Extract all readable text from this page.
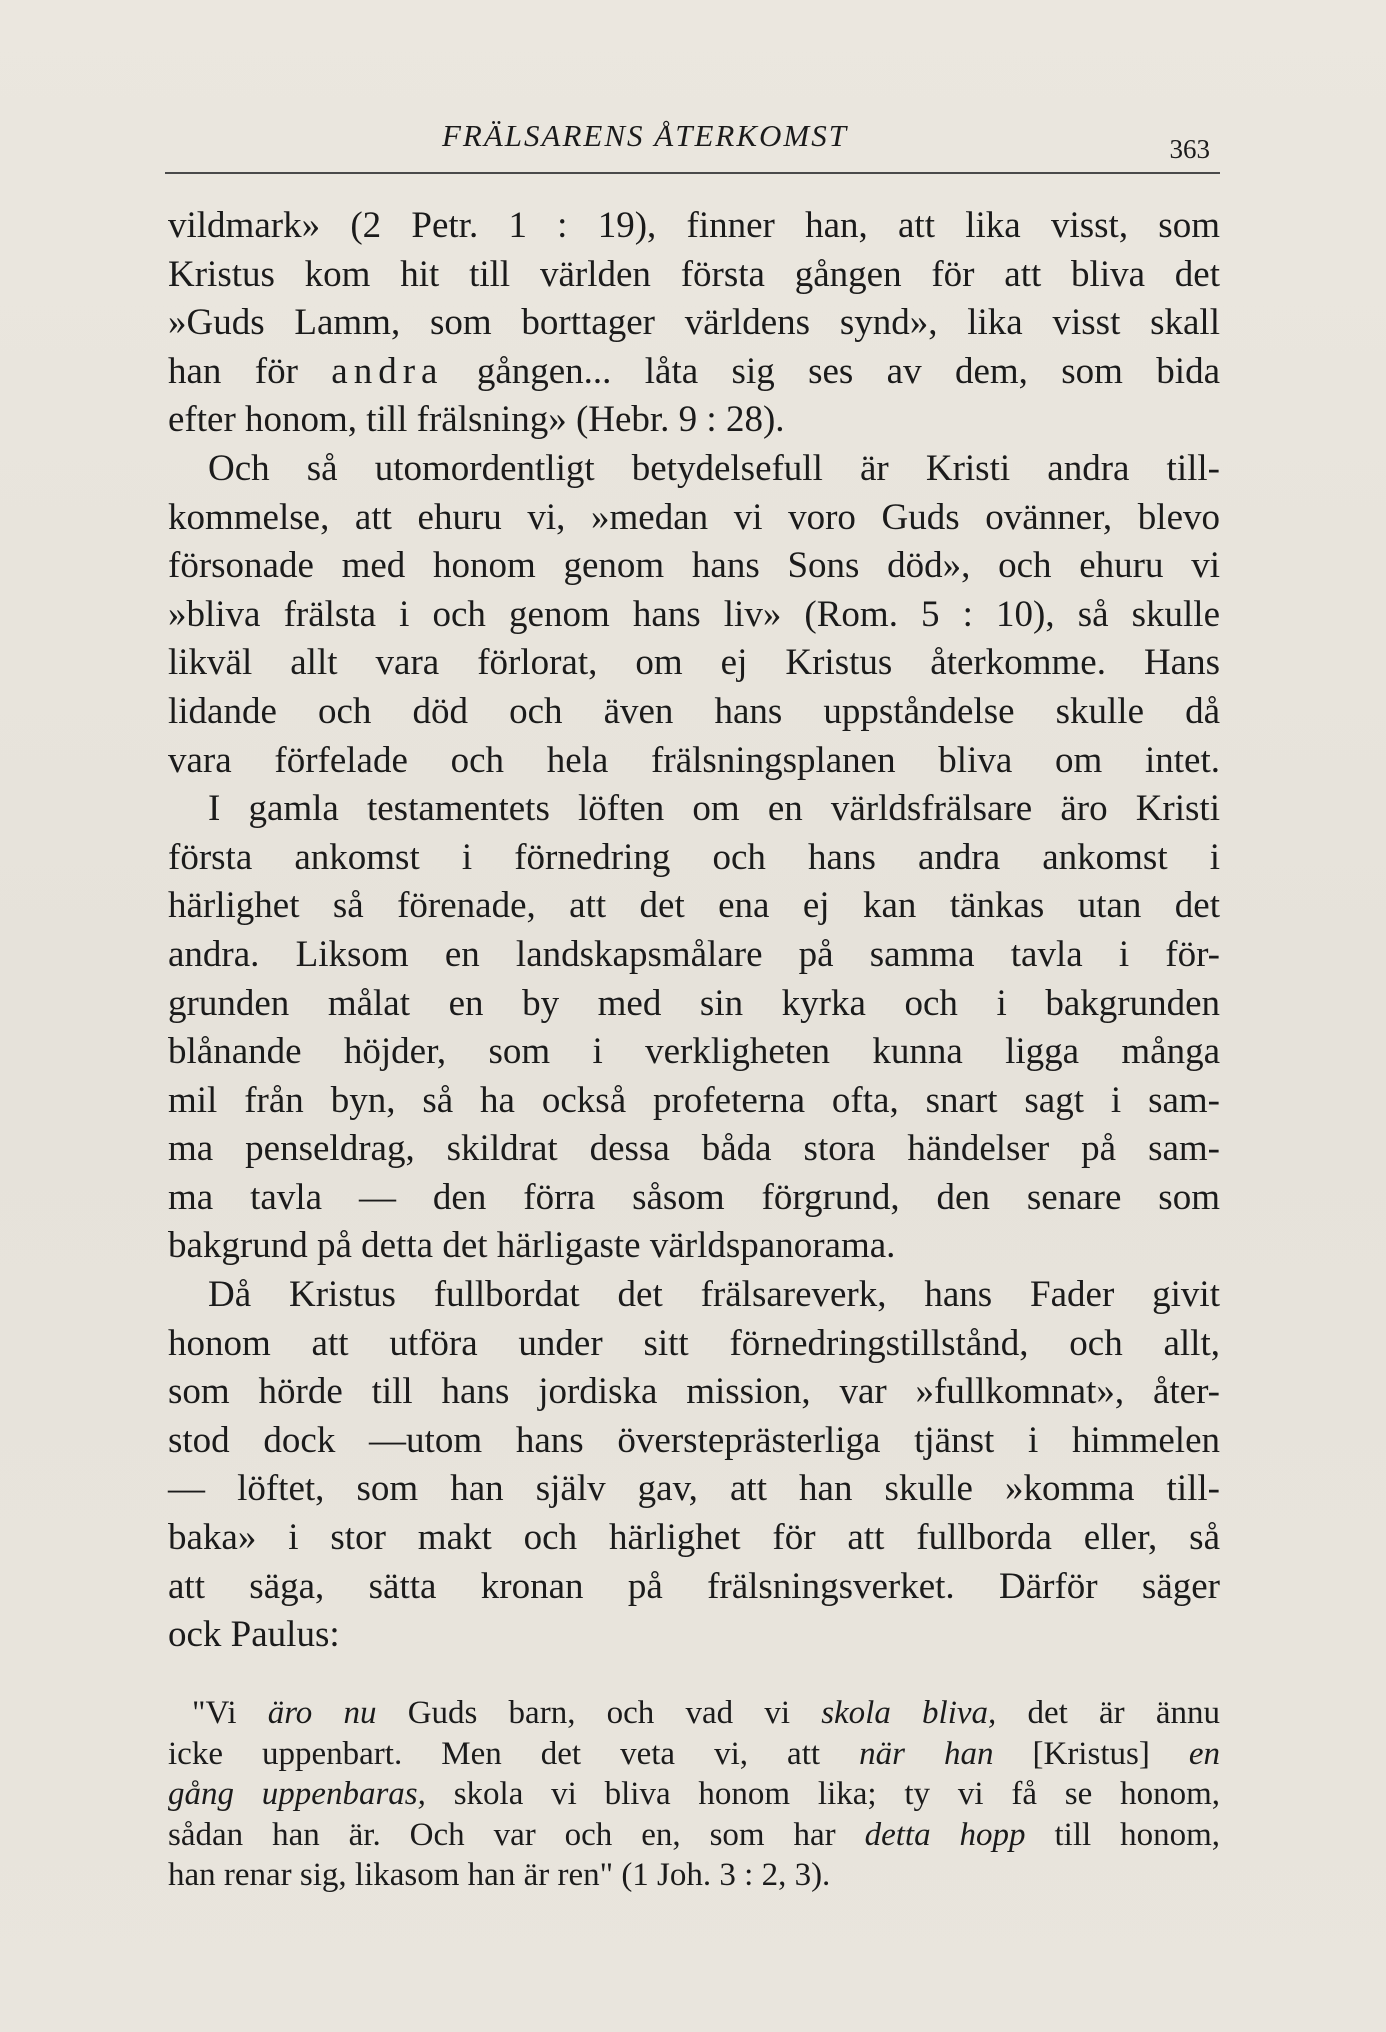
FRÄLSARENS ÅTERKOMST	363
vildmark» (2 Petr. 1 : 19), finner han, att lika visst, som
Kristus kom hit till världen första gången för att bliva det
»Guds Lamm, som borttager världens synd», lika visst skall
han för andra gången... låta sig ses av dem, som bida
efter honom, till frälsning» (Hebr. 9 : 28).
Och så utomordentligt betydelsefull är Kristi andra till-
kommelse, att ehuru vi, »medan vi voro Guds ovänner, blevo
försonade med honom genom hans Sons död», och ehuru vi
»bliva frälsta i och genom hans liv» (Rom. 5 : 10), så skulle
likväl allt vara förlorat, om ej Kristus återkomme. Hans
lidande och död och även hans uppståndelse skulle då
vara förfelade och hela frälsningsplanen bliva om intet.
I gamla testamentets löften om en världsfrälsare äro Kristi
första ankomst i förnedring och hans andra ankomst i
härlighet så förenade, att det ena ej kan tänkas utan det
andra. Liksom en landskapsmålare på samma tavla i för-
grunden målat en by med sin kyrka och i bakgrunden
blånande höjder, som i verkligheten kunna ligga många
mil från byn, så ha också profeterna ofta, snart sagt i sam-
ma penseldrag, skildrat dessa båda stora händelser på sam-
ma tavla — den förra såsom förgrund, den senare som
bakgrund på detta det härligaste världspanorama.
Då Kristus fullbordat det frälsareverk, hans Fader givit
honom att utföra under sitt förnedringstillstånd, och allt,
som hörde till hans jordiska mission, var »fullkomnat», åter-
stod dock —utom hans översteprästerliga tjänst i himmelen
— löftet, som han själv gav, att han skulle »komma till-
baka» i stor makt och härlighet för att fullborda eller, så
att säga, sätta kronan på frälsningsverket. Därför säger
ock Paulus:
"Vi äro nu Guds barn, och vad vi skola bliva, det är ännu
icke uppenbart. Men det veta vi, att när han [Kristus] en
gång uppenbaras, skola vi bliva honom lika; ty vi få se honom,
sådan han är. Och var och en, som har detta hopp till honom,
han renar sig, likasom han är ren" (1 Joh. 3 : 2, 3).
